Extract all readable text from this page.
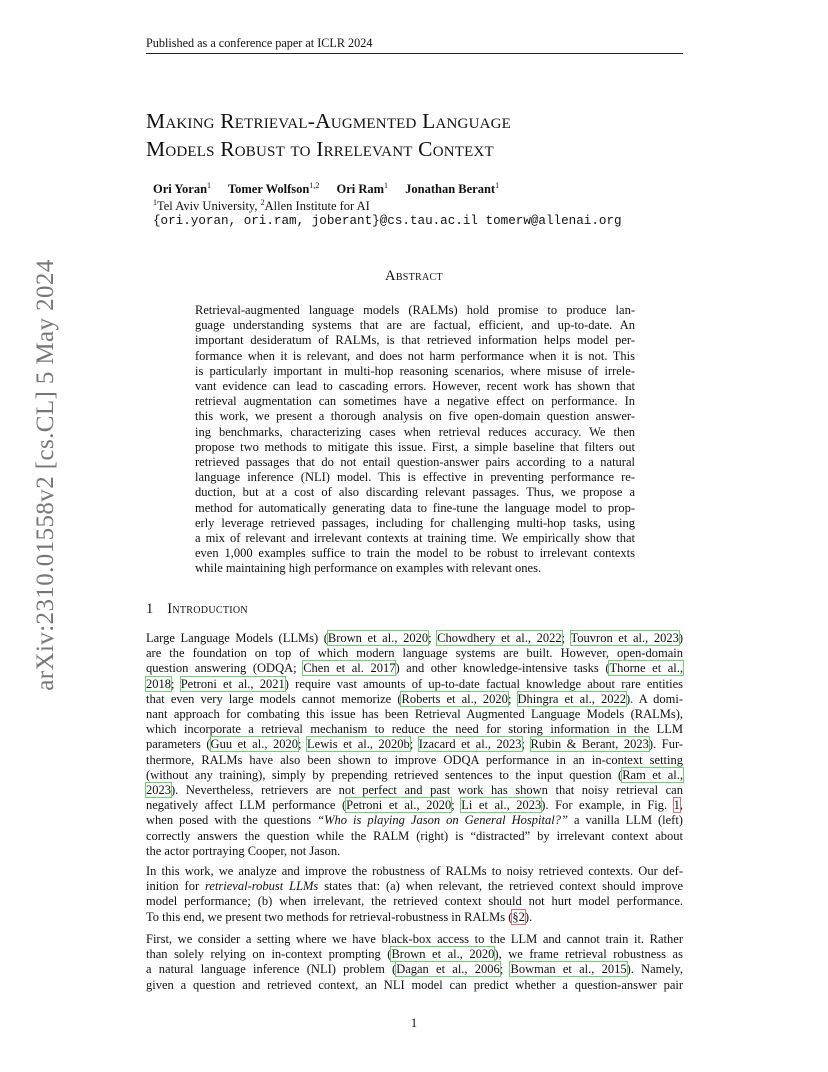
Published as a conference paper at ICLR 2024
arXiv:2310.01558v2 [cs.CL] 5 May 2024
Making Retrieval-Augmented Language
Models Robust to Irrelevant Context
Ori Yoran$^1$ Tomer Wolfson$^{1,2}$ Ori Ram$^1$ Jonathan Berant$^1$
$^1$Tel Aviv University, $^2$Allen Institute for AI
{ori.yoran, ori.ram, joberant}@cs.tau.ac.il tomerw@allenai.org
Abstract
Retrieval-augmented language models (RALMs) hold promise to produce lan-
guage understanding systems that are are factual, efficient, and up-to-date. An
important desideratum of RALMs, is that retrieved information helps model per-
formance when it is relevant, and does not harm performance when it is not. This
is particularly important in multi-hop reasoning scenarios, where misuse of irrele-
vant evidence can lead to cascading errors. However, recent work has shown that
retrieval augmentation can sometimes have a negative effect on performance. In
this work, we present a thorough analysis on five open-domain question answer-
ing benchmarks, characterizing cases when retrieval reduces accuracy. We then
propose two methods to mitigate this issue. First, a simple baseline that filters out
retrieved passages that do not entail question-answer pairs according to a natural
language inference (NLI) model. This is effective in preventing performance re-
duction, but at a cost of also discarding relevant passages. Thus, we propose a
method for automatically generating data to fine-tune the language model to prop-
erly leverage retrieved passages, including for challenging multi-hop tasks, using
a mix of relevant and irrelevant contexts at training time. We empirically show that
even 1,000 examples suffice to train the model to be robust to irrelevant contexts
while maintaining high performance on examples with relevant ones.
1 Introduction
Large Language Models (LLMs) (Brown et al., 2020; Chowdhery et al., 2022; Touvron et al., 2023)
are the foundation on top of which modern language systems are built. However, open-domain
question answering (ODQA; Chen et al. 2017) and other knowledge-intensive tasks (Thorne et al.,
2018; Petroni et al., 2021) require vast amounts of up-to-date factual knowledge about rare entities
that even very large models cannot memorize (Roberts et al., 2020; Dhingra et al., 2022). A domi-
nant approach for combating this issue has been Retrieval Augmented Language Models (RALMs),
which incorporate a retrieval mechanism to reduce the need for storing information in the LLM
parameters (Guu et al., 2020; Lewis et al., 2020b; Izacard et al., 2023; Rubin & Berant, 2023). Fur-
thermore, RALMs have also been shown to improve ODQA performance in an in-context setting
(without any training), simply by prepending retrieved sentences to the input question (Ram et al.,
2023). Nevertheless, retrievers are not perfect and past work has shown that noisy retrieval can
negatively affect LLM performance (Petroni et al., 2020; Li et al., 2023). For example, in Fig. 1,
when posed with the questions “Who is playing Jason on General Hospital?” a vanilla LLM (left)
correctly answers the question while the RALM (right) is “distracted” by irrelevant context about
the actor portraying Cooper, not Jason.
In this work, we analyze and improve the robustness of RALMs to noisy retrieved contexts. Our def-
inition for retrieval-robust LLMs states that: (a) when relevant, the retrieved context should improve
model performance; (b) when irrelevant, the retrieved context should not hurt model performance.
To this end, we present two methods for retrieval-robustness in RALMs (§2).
First, we consider a setting where we have black-box access to the LLM and cannot train it. Rather
than solely relying on in-context prompting (Brown et al., 2020), we frame retrieval robustness as
a natural language inference (NLI) problem (Dagan et al., 2006; Bowman et al., 2015). Namely,
given a question and retrieved context, an NLI model can predict whether a question-answer pair
1
